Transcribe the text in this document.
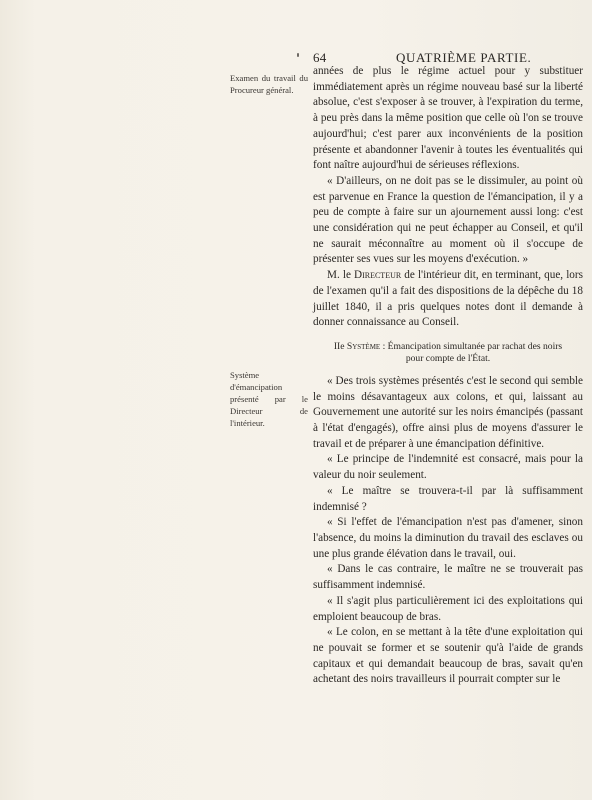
64	QUATRIÈME PARTIE.
Examen du travail du Procureur général.
Système d'émancipation présenté par le Directeur de l'intérieur.

années de plus le régime actuel pour y substituer immédiatement après un régime nouveau basé sur la liberté absolue, c'est s'exposer à se trouver, à l'expiration du terme, à peu près dans la même position que celle où l'on se trouve aujourd'hui; c'est parer aux inconvénients de la position présente et abandonner l'avenir à toutes les éventualités qui font naître aujourd'hui de sérieuses réflexions.

« D'ailleurs, on ne doit pas se le dissimuler, au point où est parvenue en France la question de l'émancipation, il y a peu de compte à faire sur un ajournement aussi long: c'est une considération qui ne peut échapper au Conseil, et qu'il ne saurait méconnaître au moment où il s'occupe de présenter ses vues sur les moyens d'exécution. »

M. le Directeur de l'intérieur dit, en terminant, que, lors de l'examen qu'il a fait des dispositions de la dépêche du 18 juillet 1840, il a pris quelques notes dont il demande à donner connaissance au Conseil.

IIe Système : Émancipation simultanée par rachat des noirs pour compte de l'État.

« Des trois systèmes présentés c'est le second qui semble le moins désavantageux aux colons, et qui, laissant au Gouvernement une autorité sur les noirs émancipés (passant à l'état d'engagés), offre ainsi plus de moyens d'assurer le travail et de préparer à une émancipation définitive.

« Le principe de l'indemnité est consacré, mais pour la valeur du noir seulement.

« Le maître se trouvera-t-il par là suffisamment indemnisé ?

« Si l'effet de l'émancipation n'est pas d'amener, sinon l'absence, du moins la diminution du travail des esclaves ou une plus grande élévation dans le travail, oui.

« Dans le cas contraire, le maître ne se trouverait pas suffisamment indemnisé.

« Il s'agit plus particulièrement ici des exploitations qui emploient beaucoup de bras.

« Le colon, en se mettant à la tête d'une exploitation qui ne pouvait se former et se soutenir qu'à l'aide de grands capitaux et qui demandait beaucoup de bras, savait qu'en achetant des noirs travailleurs il pourrait compter sur le
